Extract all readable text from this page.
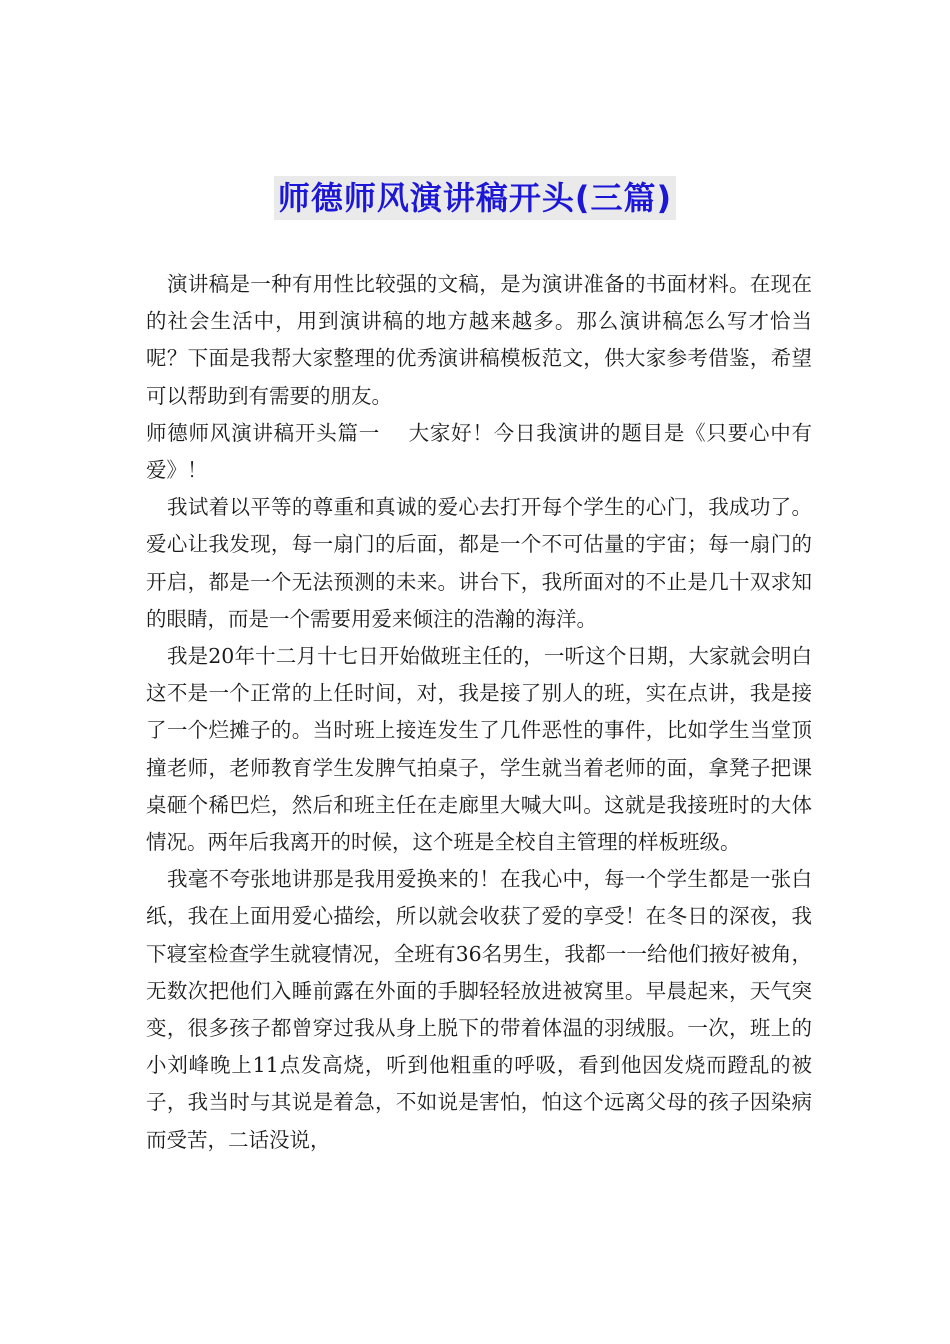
师德师风演讲稿开头(三篇)

演讲稿是一种有用性比较强的文稿，是为演讲准备的书面材料。在现在的社会生活中，用到演讲稿的地方越来越多。那么演讲稿怎么写才恰当呢？下面是我帮大家整理的优秀演讲稿模板范文，供大家参考借鉴，希望可以帮助到有需要的朋友。

师德师风演讲稿开头篇一　 大家好！今日我演讲的题目是《只要心中有爱》！

我试着以平等的尊重和真诚的爱心去打开每个学生的心门，我成功了。爱心让我发现，每一扇门的后面，都是一个不可估量的宇宙；每一扇门的开启，都是一个无法预测的未来。讲台下，我所面对的不止是几十双求知的眼睛，而是一个需要用爱来倾注的浩瀚的海洋。

我是20年十二月十七日开始做班主任的，一听这个日期，大家就会明白这不是一个正常的上任时间，对，我是接了别人的班，实在点讲，我是接了一个烂摊子的。当时班上接连发生了几件恶性的事件，比如学生当堂顶撞老师，老师教育学生发脾气拍桌子，学生就当着老师的面，拿凳子把课桌砸个稀巴烂，然后和班主任在走廊里大喊大叫。这就是我接班时的大体情况。两年后我离开的时候，这个班是全校自主管理的样板班级。

我毫不夸张地讲那是我用爱换来的！在我心中，每一个学生都是一张白纸，我在上面用爱心描绘，所以就会收获了爱的享受！在冬日的深夜，我下寝室检查学生就寝情况，全班有36名男生，我都一一给他们掖好被角，无数次把他们入睡前露在外面的手脚轻轻放进被窝里。早晨起来，天气突变，很多孩子都曾穿过我从身上脱下的带着体温的羽绒服。一次，班上的小刘峰晚上11点发高烧，听到他粗重的呼吸，看到他因发烧而蹬乱的被子，我当时与其说是着急，不如说是害怕，怕这个远离父母的孩子因染病而受苦，二话没说，
